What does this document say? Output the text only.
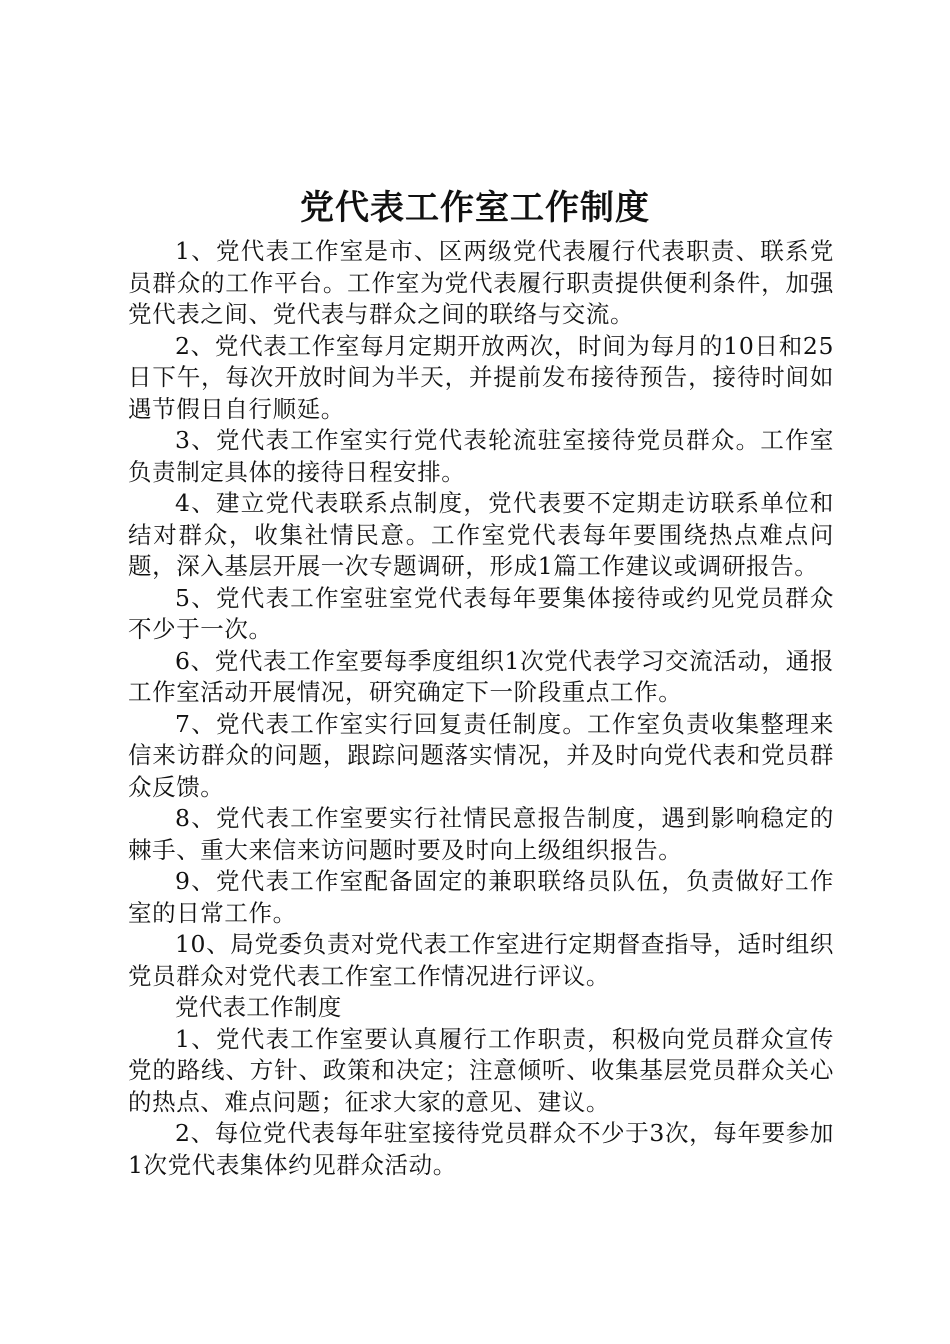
党代表工作室工作制度

1、党代表工作室是市、区两级党代表履行代表职责、联系党员群众的工作平台。工作室为党代表履行职责提供便利条件，加强党代表之间、党代表与群众之间的联络与交流。

2、党代表工作室每月定期开放两次，时间为每月的10日和25日下午，每次开放时间为半天，并提前发布接待预告，接待时间如遇节假日自行顺延。

3、党代表工作室实行党代表轮流驻室接待党员群众。工作室负责制定具体的接待日程安排。

4、建立党代表联系点制度，党代表要不定期走访联系单位和结对群众，收集社情民意。工作室党代表每年要围绕热点难点问题，深入基层开展一次专题调研，形成1篇工作建议或调研报告。

5、党代表工作室驻室党代表每年要集体接待或约见党员群众不少于一次。

6、党代表工作室要每季度组织1次党代表学习交流活动，通报工作室活动开展情况，研究确定下一阶段重点工作。

7、党代表工作室实行回复责任制度。工作室负责收集整理来信来访群众的问题，跟踪问题落实情况，并及时向党代表和党员群众反馈。

8、党代表工作室要实行社情民意报告制度，遇到影响稳定的棘手、重大来信来访问题时要及时向上级组织报告。

9、党代表工作室配备固定的兼职联络员队伍，负责做好工作室的日常工作。

10、局党委负责对党代表工作室进行定期督查指导，适时组织党员群众对党代表工作室工作情况进行评议。

党代表工作制度

1、党代表工作室要认真履行工作职责，积极向党员群众宣传党的路线、方针、政策和决定；注意倾听、收集基层党员群众关心的热点、难点问题；征求大家的意见、建议。

2、每位党代表每年驻室接待党员群众不少于3次，每年要参加1次党代表集体约见群众活动。
